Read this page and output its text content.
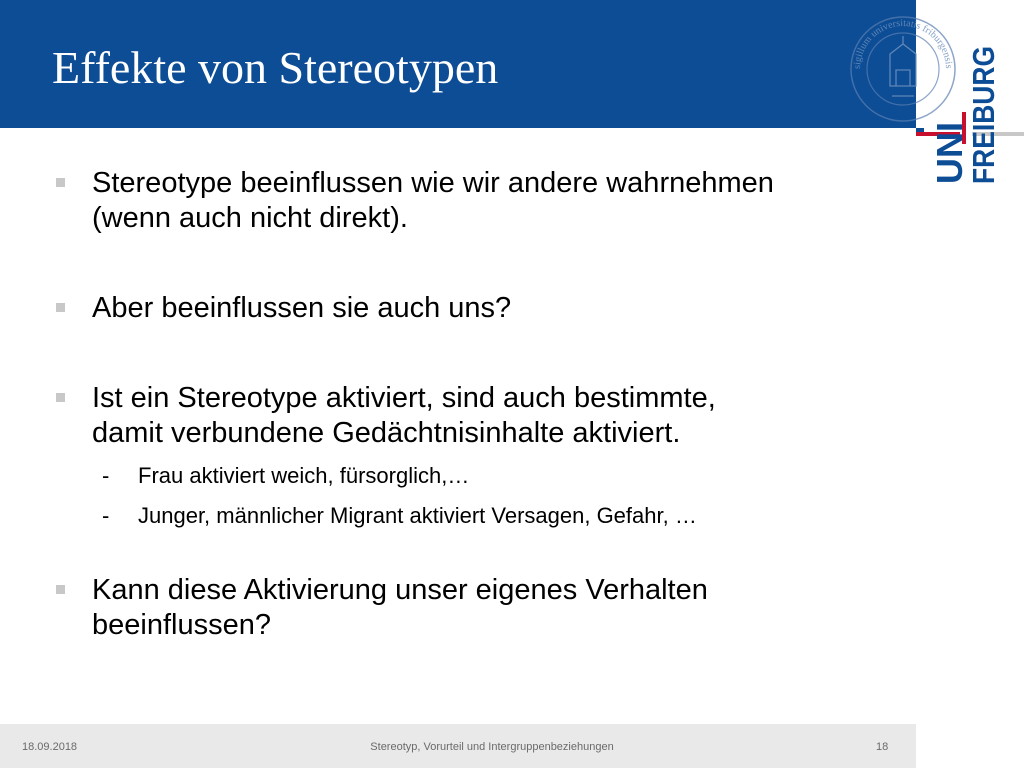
Effekte von Stereotypen	sigillum universitatis friburgensis
UNI
FREIBURG
Stereotype beeinflussen wie wir andere wahrnehmen
(wenn auch nicht direkt).
Aber beeinflussen sie auch uns?
Ist ein Stereotype aktiviert, sind auch bestimmte,
damit verbundene Gedächtnisinhalte aktiviert.
- Frau aktiviert weich, fürsorglich,…
- Junger, männlicher Migrant aktiviert Versagen, Gefahr, …
Kann diese Aktivierung unser eigenes Verhalten
beeinflussen?
18.09.2018	Stereotyp, Vorurteil und Intergruppenbeziehungen	18
